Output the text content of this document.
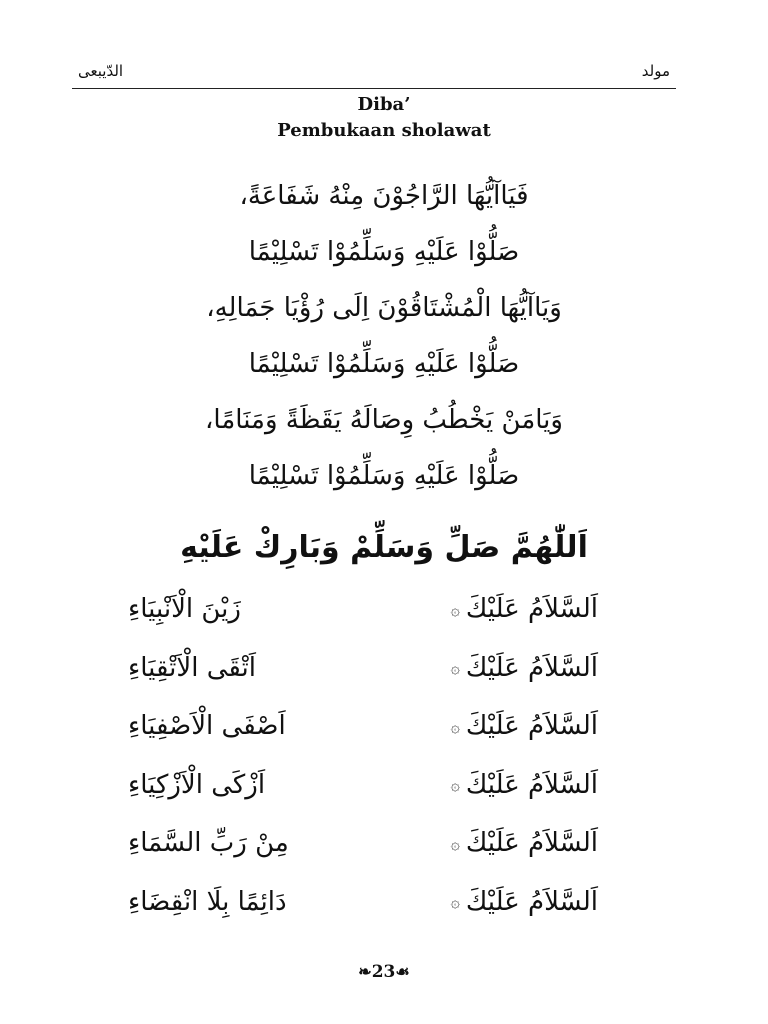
الدّيبعى	مولد
Diba’
Pembukaan sholawat
فَيَاآيُّهَا الرَّاجُوْنَ مِنْهُ شَفَاعَةً،
صَلُّوْا عَلَيْهِ وَسَلِّمُوْا تَسْلِيْمًا
وَيَاآيُّهَا الْمُشْتَاقُوْنَ اِلَى رُؤْيَا جَمَالِهِ،
صَلُّوْا عَلَيْهِ وَسَلِّمُوْا تَسْلِيْمًا
وَيَامَنْ يَخْطُبُ وِصَالَهُ يَقَظَةً وَمَنَامًا،
صَلُّوْا عَلَيْهِ وَسَلِّمُوْا تَسْلِيْمًا
اَللّٰهُمَّ صَلِّ وَسَلِّمْ وَبَارِكْ عَلَيْهِ
اَلسَّلاَمُ عَلَيْكَ
۞
زَيْنَ الْاَنْبِيَاءِ
اَلسَّلاَمُ عَلَيْكَ
۞
اَتْقَى الْاَتْقِيَاءِ
اَلسَّلاَمُ عَلَيْكَ
۞
اَصْفَى الْاَصْفِيَاءِ
اَلسَّلاَمُ عَلَيْكَ
۞
اَزْكَى الْاَزْكِيَاءِ
اَلسَّلاَمُ عَلَيْكَ
۞
مِنْ رَبِّ السَّمَاءِ
اَلسَّلاَمُ عَلَيْكَ
۞
دَائِمًا بِلَا انْقِضَاءِ
❧23☙
